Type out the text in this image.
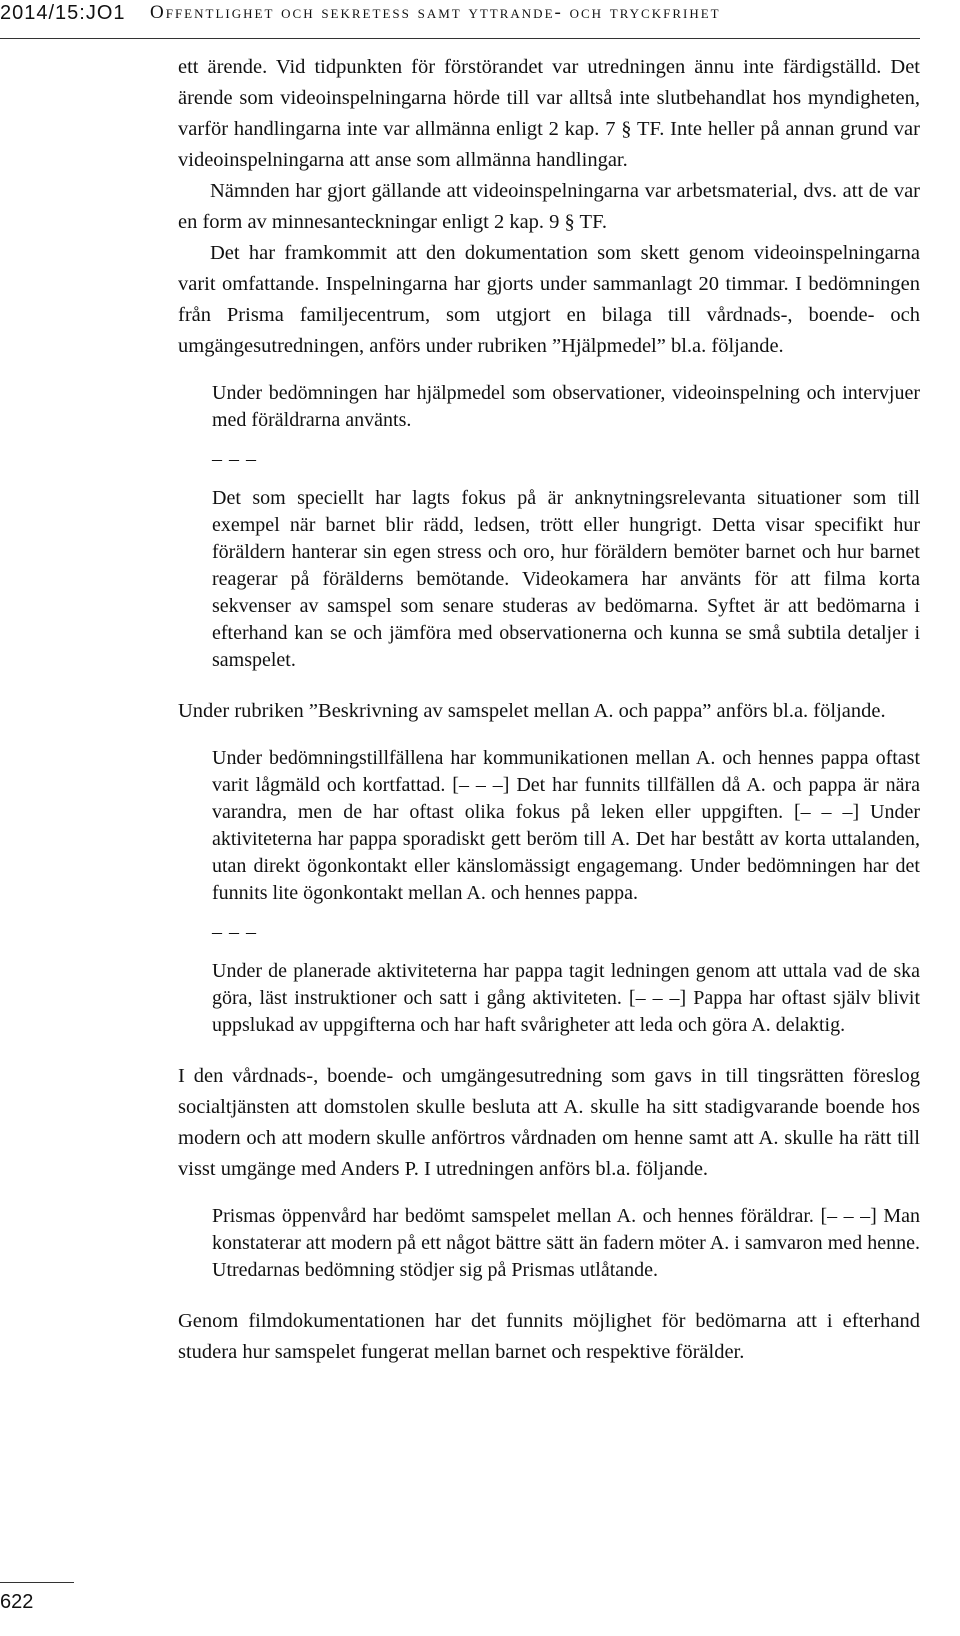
2014/15:JO1 Offentlighet och sekretess samt yttrande- och tryckfrihet

ett ärende. Vid tidpunkten för förstörandet var utredningen ännu inte färdigställd. Det ärende som videoinspelningarna hörde till var alltså inte slutbehandlat hos myndigheten, varför handlingarna inte var allmänna enligt 2 kap. 7 § TF. Inte heller på annan grund var videoinspelningarna att anse som allmänna handlingar.

Nämnden har gjort gällande att videoinspelningarna var arbetsmaterial, dvs. att de var en form av minnesanteckningar enligt 2 kap. 9 § TF.

Det har framkommit att den dokumentation som skett genom videoinspelningarna varit omfattande. Inspelningarna har gjorts under sammanlagt 20 timmar. I bedömningen från Prisma familjecentrum, som utgjort en bilaga till vårdnads-, boende- och umgängesutredningen, anförs under rubriken ”Hjälpmedel” bl.a. följande.

Under bedömningen har hjälpmedel som observationer, videoinspelning och intervjuer med föräldrarna använts.

– – –

Det som speciellt har lagts fokus på är anknytningsrelevanta situationer som till exempel när barnet blir rädd, ledsen, trött eller hungrigt. Detta visar specifikt hur föräldern hanterar sin egen stress och oro, hur föräldern bemöter barnet och hur barnet reagerar på förälderns bemötande. Videokamera har använts för att filma korta sekvenser av samspel som senare studeras av bedömarna. Syftet är att bedömarna i efterhand kan se och jämföra med observationerna och kunna se små subtila detaljer i samspelet.

Under rubriken ”Beskrivning av samspelet mellan A. och pappa” anförs bl.a. följande.

Under bedömningstillfällena har kommunikationen mellan A. och hennes pappa oftast varit lågmäld och kortfattad. [– – –] Det har funnits tillfällen då A. och pappa är nära varandra, men de har oftast olika fokus på leken eller uppgiften. [– – –] Under aktiviteterna har pappa sporadiskt gett beröm till A. Det har bestått av korta uttalanden, utan direkt ögonkontakt eller känslomässigt engagemang. Under bedömningen har det funnits lite ögonkontakt mellan A. och hennes pappa.

– – –

Under de planerade aktiviteterna har pappa tagit ledningen genom att uttala vad de ska göra, läst instruktioner och satt i gång aktiviteten. [– – –] Pappa har oftast själv blivit uppslukad av uppgifterna och har haft svårigheter att leda och göra A. delaktig.

I den vårdnads-, boende- och umgängesutredning som gavs in till tingsrätten föreslog socialtjänsten att domstolen skulle besluta att A. skulle ha sitt stadigvarande boende hos modern och att modern skulle anförtros vårdnaden om henne samt att A. skulle ha rätt till visst umgänge med Anders P. I utredningen anförs bl.a. följande.

Prismas öppenvård har bedömt samspelet mellan A. och hennes föräldrar. [– – –] Man konstaterar att modern på ett något bättre sätt än fadern möter A. i samvaron med henne. Utredarnas bedömning stödjer sig på Prismas utlåtande.

Genom filmdokumentationen har det funnits möjlighet för bedömarna att i efterhand studera hur samspelet fungerat mellan barnet och respektive förälder.

622
